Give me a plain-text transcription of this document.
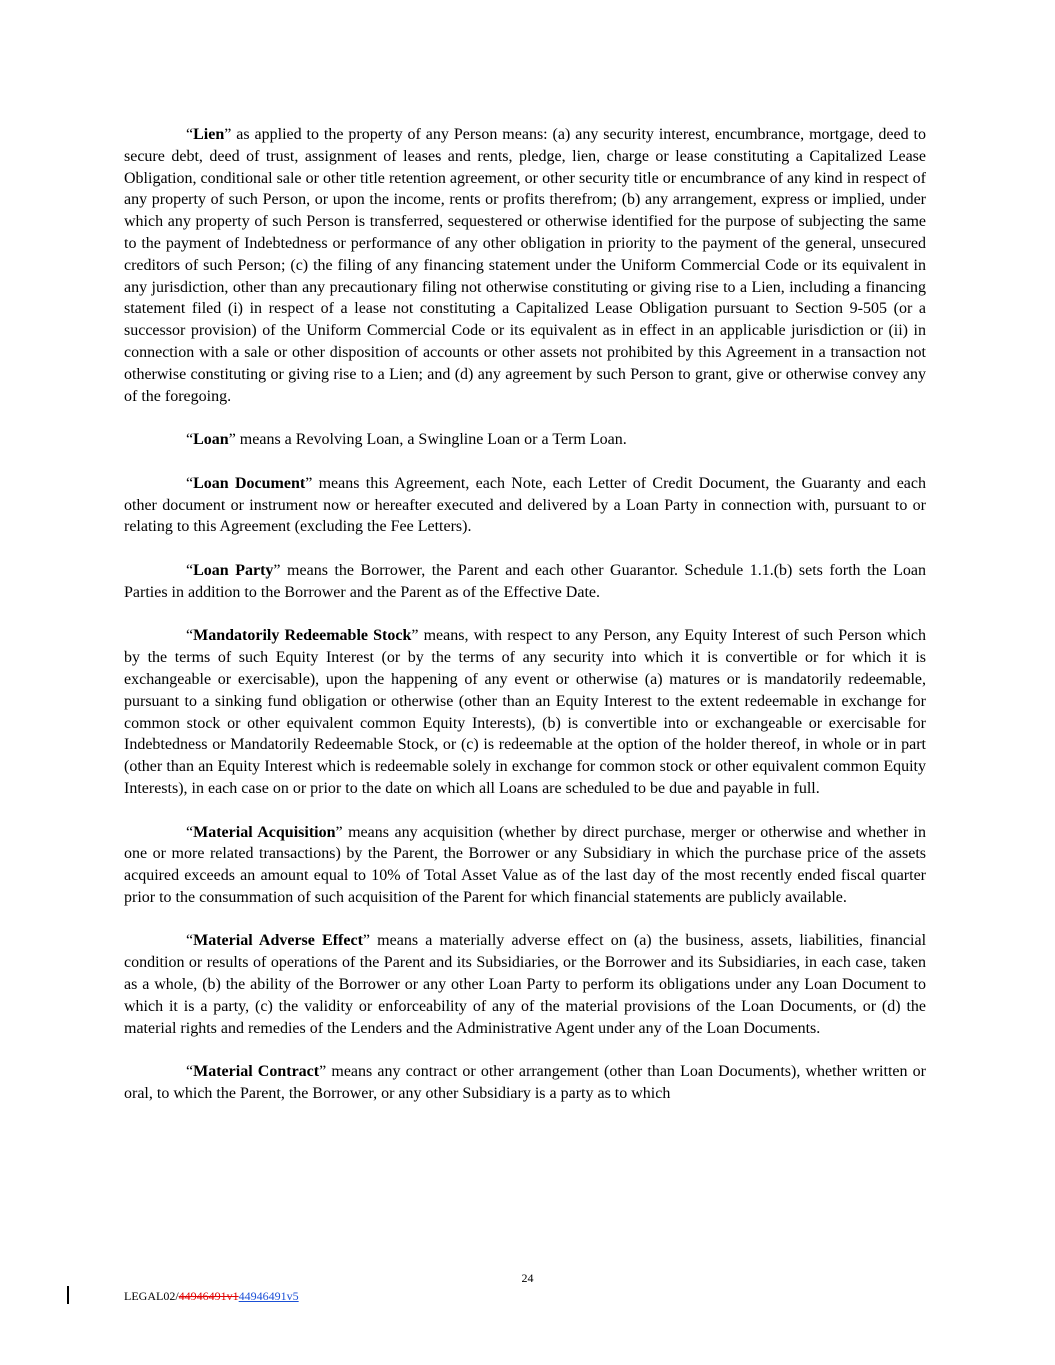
“Lien” as applied to the property of any Person means: (a) any security interest, encumbrance, mortgage, deed to secure debt, deed of trust, assignment of leases and rents, pledge, lien, charge or lease constituting a Capitalized Lease Obligation, conditional sale or other title retention agreement, or other security title or encumbrance of any kind in respect of any property of such Person, or upon the income, rents or profits therefrom; (b) any arrangement, express or implied, under which any property of such Person is transferred, sequestered or otherwise identified for the purpose of subjecting the same to the payment of Indebtedness or performance of any other obligation in priority to the payment of the general, unsecured creditors of such Person; (c) the filing of any financing statement under the Uniform Commercial Code or its equivalent in any jurisdiction, other than any precautionary filing not otherwise constituting or giving rise to a Lien, including a financing statement filed (i) in respect of a lease not constituting a Capitalized Lease Obligation pursuant to Section 9-505 (or a successor provision) of the Uniform Commercial Code or its equivalent as in effect in an applicable jurisdiction or (ii) in connection with a sale or other disposition of accounts or other assets not prohibited by this Agreement in a transaction not otherwise constituting or giving rise to a Lien; and (d) any agreement by such Person to grant, give or otherwise convey any of the foregoing.

“Loan” means a Revolving Loan, a Swingline Loan or a Term Loan.

“Loan Document” means this Agreement, each Note, each Letter of Credit Document, the Guaranty and each other document or instrument now or hereafter executed and delivered by a Loan Party in connection with, pursuant to or relating to this Agreement (excluding the Fee Letters).

“Loan Party” means the Borrower, the Parent and each other Guarantor. Schedule 1.1.(b) sets forth the Loan Parties in addition to the Borrower and the Parent as of the Effective Date.

“Mandatorily Redeemable Stock” means, with respect to any Person, any Equity Interest of such Person which by the terms of such Equity Interest (or by the terms of any security into which it is convertible or for which it is exchangeable or exercisable), upon the happening of any event or otherwise (a) matures or is mandatorily redeemable, pursuant to a sinking fund obligation or otherwise (other than an Equity Interest to the extent redeemable in exchange for common stock or other equivalent common Equity Interests), (b) is convertible into or exchangeable or exercisable for Indebtedness or Mandatorily Redeemable Stock, or (c) is redeemable at the option of the holder thereof, in whole or in part (other than an Equity Interest which is redeemable solely in exchange for common stock or other equivalent common Equity Interests), in each case on or prior to the date on which all Loans are scheduled to be due and payable in full.

“Material Acquisition” means any acquisition (whether by direct purchase, merger or otherwise and whether in one or more related transactions) by the Parent, the Borrower or any Subsidiary in which the purchase price of the assets acquired exceeds an amount equal to 10% of Total Asset Value as of the last day of the most recently ended fiscal quarter prior to the consummation of such acquisition of the Parent for which financial statements are publicly available.

“Material Adverse Effect” means a materially adverse effect on (a) the business, assets, liabilities, financial condition or results of operations of the Parent and its Subsidiaries, or the Borrower and its Subsidiaries, in each case, taken as a whole, (b) the ability of the Borrower or any other Loan Party to perform its obligations under any Loan Document to which it is a party, (c) the validity or enforceability of any of the material provisions of the Loan Documents, or (d) the material rights and remedies of the Lenders and the Administrative Agent under any of the Loan Documents.

“Material Contract” means any contract or other arrangement (other than Loan Documents), whether written or oral, to which the Parent, the Borrower, or any other Subsidiary is a party as to which

24
LEGAL02/44946491v144946491v5
